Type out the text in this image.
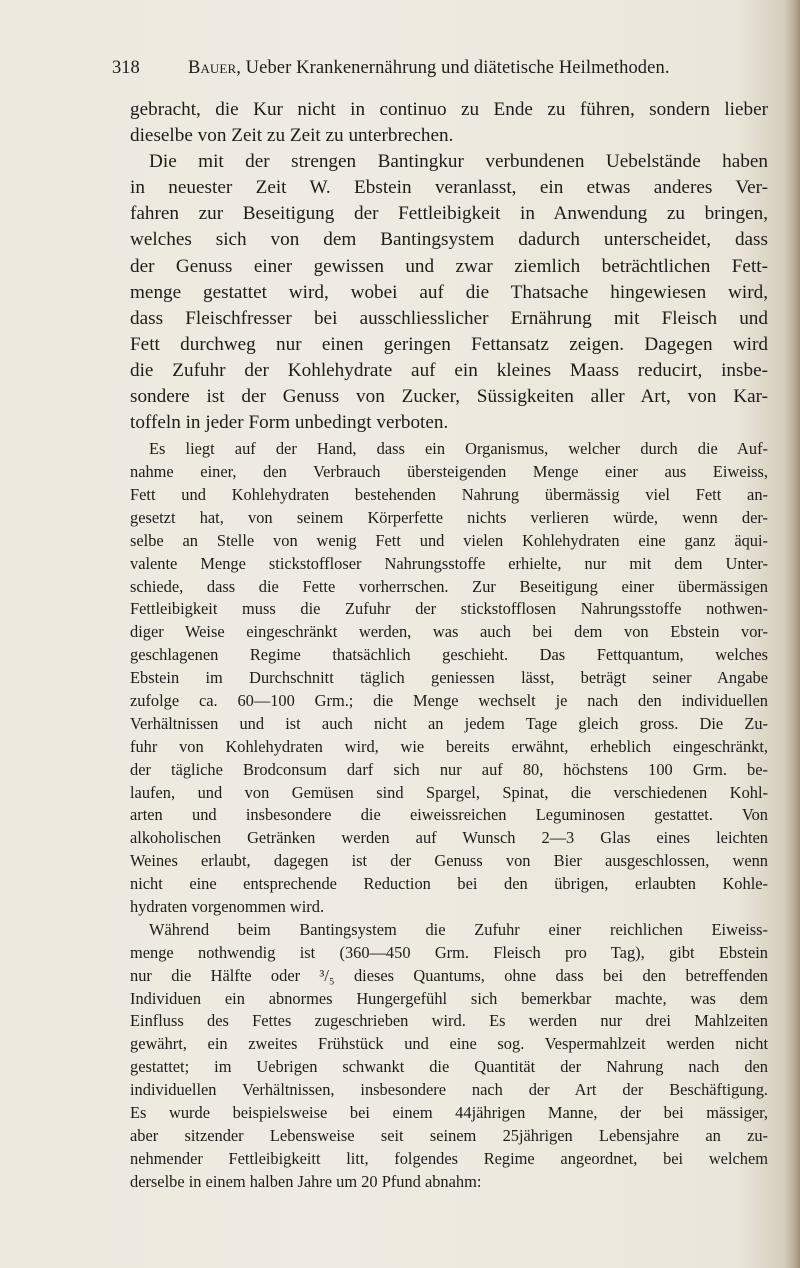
318	Bauer, Ueber Krankenernährung und diätetische Heilmethoden.
gebracht, die Kur nicht in continuo zu Ende zu führen, sondern lieber
dieselbe von Zeit zu Zeit zu unterbrechen.
Die mit der strengen Bantingkur verbundenen Uebelstände haben
in neuester Zeit W. Ebstein veranlasst, ein etwas anderes Ver-
fahren zur Beseitigung der Fettleibigkeit in Anwendung zu bringen,
welches sich von dem Bantingsystem dadurch unterscheidet, dass
der Genuss einer gewissen und zwar ziemlich beträchtlichen Fett-
menge gestattet wird, wobei auf die Thatsache hingewiesen wird,
dass Fleischfresser bei ausschliesslicher Ernährung mit Fleisch und
Fett durchweg nur einen geringen Fettansatz zeigen. Dagegen wird
die Zufuhr der Kohlehydrate auf ein kleines Maass reducirt, insbe-
sondere ist der Genuss von Zucker, Süssigkeiten aller Art, von Kar-
toffeln in jeder Form unbedingt verboten.
Es liegt auf der Hand, dass ein Organismus, welcher durch die Auf-
nahme einer, den Verbrauch übersteigenden Menge einer aus Eiweiss,
Fett und Kohlehydraten bestehenden Nahrung übermässig viel Fett an-
gesetzt hat, von seinem Körperfette nichts verlieren würde, wenn der-
selbe an Stelle von wenig Fett und vielen Kohlehydraten eine ganz äqui-
valente Menge stickstoffloser Nahrungsstoffe erhielte, nur mit dem Unter-
schiede, dass die Fette vorherrschen. Zur Beseitigung einer übermässigen
Fettleibigkeit muss die Zufuhr der stickstofflosen Nahrungsstoffe nothwen-
diger Weise eingeschränkt werden, was auch bei dem von Ebstein vor-
geschlagenen Regime thatsächlich geschieht. Das Fettquantum, welches
Ebstein im Durchschnitt täglich geniessen lässt, beträgt seiner Angabe
zufolge ca. 60—100 Grm.; die Menge wechselt je nach den individuellen
Verhältnissen und ist auch nicht an jedem Tage gleich gross. Die Zu-
fuhr von Kohlehydraten wird, wie bereits erwähnt, erheblich eingeschränkt,
der tägliche Brodconsum darf sich nur auf 80, höchstens 100 Grm. be-
laufen, und von Gemüsen sind Spargel, Spinat, die verschiedenen Kohl-
arten und insbesondere die eiweissreichen Leguminosen gestattet. Von
alkoholischen Getränken werden auf Wunsch 2—3 Glas eines leichten
Weines erlaubt, dagegen ist der Genuss von Bier ausgeschlossen, wenn
nicht eine entsprechende Reduction bei den übrigen, erlaubten Kohle-
hydraten vorgenommen wird.
Während beim Bantingsystem die Zufuhr einer reichlichen Eiweiss-
menge nothwendig ist (360—450 Grm. Fleisch pro Tag), gibt Ebstein
nur die Hälfte oder ³/₅ dieses Quantums, ohne dass bei den betreffenden
Individuen ein abnormes Hungergefühl sich bemerkbar machte, was dem
Einfluss des Fettes zugeschrieben wird. Es werden nur drei Mahlzeiten
gewährt, ein zweites Frühstück und eine sog. Vespermahlzeit werden nicht
gestattet; im Uebrigen schwankt die Quantität der Nahrung nach den
individuellen Verhältnissen, insbesondere nach der Art der Beschäftigung.
Es wurde beispielsweise bei einem 44jährigen Manne, der bei mässiger,
aber sitzender Lebensweise seit seinem 25jährigen Lebensjahre an zu-
nehmender Fettleibigkeitt litt, folgendes Regime angeordnet, bei welchem
derselbe in einem halben Jahre um 20 Pfund abnahm:
